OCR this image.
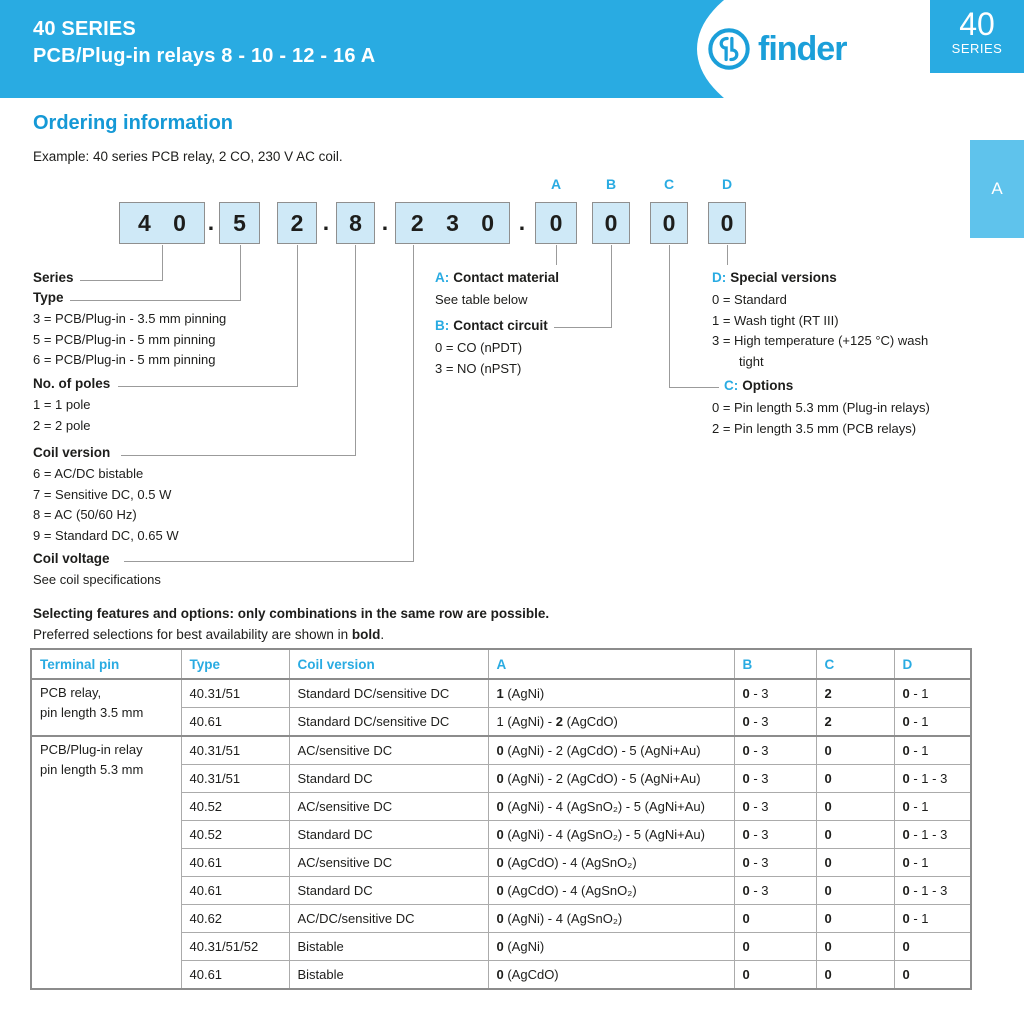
40 SERIES
PCB/Plug-in relays 8 - 10 - 12 - 16 A	finder
40
SERIES
A
Ordering information
Example: 40 series PCB relay, 2 CO, 230 V AC coil.
4 0	5	2	8	2 3 0	0	0	0	0
.	. .	.
A	B	C	D
Series
Type
3 = PCB/Plug-in - 3.5 mm pinning
5 = PCB/Plug-in - 5 mm pinning
6 = PCB/Plug-in - 5 mm pinning
No. of poles
1 = 1 pole
2 = 2 pole
Coil version
6 = AC/DC bistable
7 = Sensitive DC, 0.5 W
8 = AC (50/60 Hz)
9 = Standard DC, 0.65 W
Coil voltage
See coil specifications
A: Contact material
See table below
B: Contact circuit
0 = CO (nPDT)
3 = NO (nPST)
D: Special versions
0 = Standard
1 = Wash tight (RT III)
3 = High temperature (+125 °C) wash tight
C: Options
0 = Pin length 5.3 mm (Plug-in relays)
2 = Pin length 3.5 mm (PCB relays)
Selecting features and options: only combinations in the same row are possible.
Preferred selections for best availability are shown in bold.
Terminal pin	Type	Coil version	A	B	C	D

PCB relay,
pin length 3.5 mm	40.31/51	Standard DC/sensitive DC	1 (AgNi)	0 - 3	2	0 - 1
	40.61	Standard DC/sensitive DC	1 (AgNi) - 2 (AgCdO)	0 - 3	2	0 - 1

PCB/Plug-in relay
pin length 5.3 mm	40.31/51	AC/sensitive DC	0 (AgNi) - 2 (AgCdO) - 5 (AgNi+Au)	0 - 3	0	0 - 1
	40.31/51	Standard DC	0 (AgNi) - 2 (AgCdO) - 5 (AgNi+Au)	0 - 3	0	0 - 1 - 3
	40.52	AC/sensitive DC	0 (AgNi) - 4 (AgSnO₂) - 5 (AgNi+Au)	0 - 3	0	0 - 1
	40.52	Standard DC	0 (AgNi) - 4 (AgSnO₂) - 5 (AgNi+Au)	0 - 3	0	0 - 1 - 3
	40.61	AC/sensitive DC	0 (AgCdO) - 4 (AgSnO₂)	0 - 3	0	0 - 1
	40.61	Standard DC	0 (AgCdO) - 4 (AgSnO₂)	0 - 3	0	0 - 1 - 3
	40.62	AC/DC/sensitive DC	0 (AgNi) - 4 (AgSnO₂)	0	0	0 - 1
	40.31/51/52	Bistable	0 (AgNi)	0	0	0
	40.61	Bistable	0 (AgCdO)	0	0	0
